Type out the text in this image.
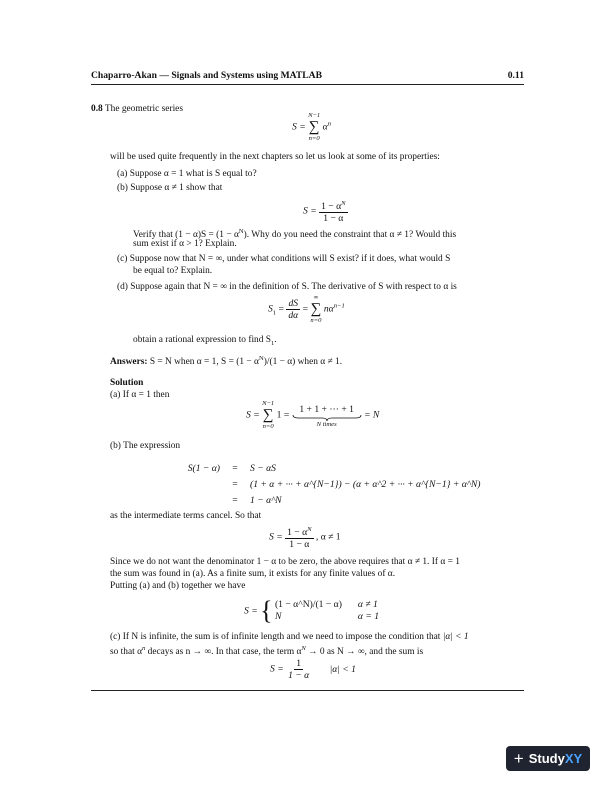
Chaparro-Akan — Signals and Systems using MATLAB	0.11
0.8 The geometric series
S =
N−1
∑
n=0
$\alpha^n$
will be used quite frequently in the next chapters so let us look at some of its properties:
(a) Suppose α = 1 what is S equal to?
(b) Suppose α ≠ 1 show that
$S = \frac{1 - \alpha^N}{1 - \alpha}$
Verify that $(1 - \alpha)S = (1 - \alpha^N)$. Why do you need the constraint that α ≠ 1? Would this
sum exist if α > 1? Explain.
(c) Suppose now that N = ∞, under what conditions will S exist? if it does, what would S
be equal to? Explain.
(d) Suppose again that N = ∞ in the definition of S. The derivative of S with respect to α is
$S_1 = \frac{dS}{d\alpha}$ =
∞
∑
n=0
$n\alpha^{n-1}$
obtain a rational expression to find $S_1$.
Answers: S = N when α = 1, $S = (1 - \alpha^N)/(1 - \alpha)$ when α ≠ 1.
Solution
(a) If α = 1 then
S =
N−1
∑
n=0
1 =
1 + 1 + ··· + 1
N times
= N
(b) The expression
S(1 − α)	=	S − αS
=	(1 + α + ··· + α^{N−1}) − (α + α^2 + ··· + α^{N−1} + α^N)
=	1 − α^N
as the intermediate terms cancel. So that
$S = \frac{1 - \alpha^N}{1 - \alpha}$ , α ≠ 1
Since we do not want the denominator 1 − α to be zero, the above requires that α ≠ 1. If α = 1
the sum was found in (a). As a finite sum, it exists for any finite values of α.
Putting (a) and (b) together we have
S = { (1 − α^N)/(1 − α) α ≠ 1
N	α = 1
(c) If N is infinite, the sum is of infinite length and we need to impose the condition that |α| < 1
so that $\alpha^n$ decays as n → ∞. In that case, the term $\alpha^N \to 0$ as N → ∞, and the sum is
$S = \frac{1}{1 - \alpha} |\alpha| < 1$
+ StudyXY
